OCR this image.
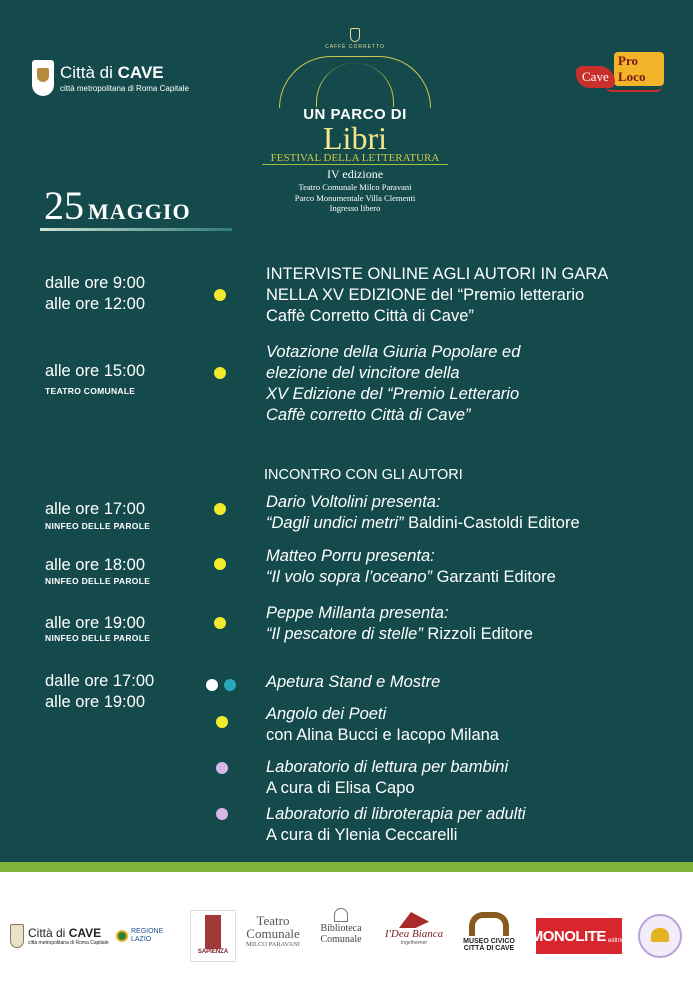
Città di CAVE
città metropolitana di Roma Capitale
CAFFÈ CORRETTO
UN PARCO DI
Libri
FESTIVAL DELLA LETTERATURA
IV edizione
Teatro Comunale Milco Paravani
Parco Monumentale Villa Clementi
Ingresso libero
Pro Loco
Cave
25 MAGGIO
dalle ore 9:00
alle ore 12:00
INTERVISTE ONLINE AGLI AUTORI IN GARA
NELLA XV EDIZIONE del “Premio letterario
Caffè Corretto Città di Cave”
alle ore 15:00
TEATRO COMUNALE
Votazione della Giuria Popolare ed
elezione del vincitore della
XV Edizione del “Premio Letterario
Caffè corretto Città di Cave”
INCONTRO CON GLI AUTORI
alle ore 17:00
NINFEO DELLE PAROLE
Dario Voltolini presenta:
“Dagli undici metri” Baldini-Castoldi Editore
alle ore 18:00
NINFEO DELLE PAROLE
Matteo Porru presenta:
“Il volo sopra l’oceano” Garzanti Editore
alle ore 19:00
NINFEO DELLE PAROLE
Peppe Millanta presenta:
“Il pescatore di stelle” Rizzoli Editore
dalle ore 17:00
alle ore 19:00
Apetura Stand e Mostre
Angolo dei Poeti
con Alina Bucci e Iacopo Milana
Laboratorio di lettura per bambini
A cura di Elisa Capo
Laboratorio di libroterapia per adulti
A cura di Ylenia Ceccarelli
Città di CAVE
città metropolitana di Roma Capitale
REGIONE
LAZIO
SAPIENZA
Teatro
Comunale
MILCO PARAVANI
Biblioteca
Comunale	I'Dea Bianca
Ingelheimer	MUSEO CIVICO
CITTÀ DI CAVE
MONOLITE editrice
